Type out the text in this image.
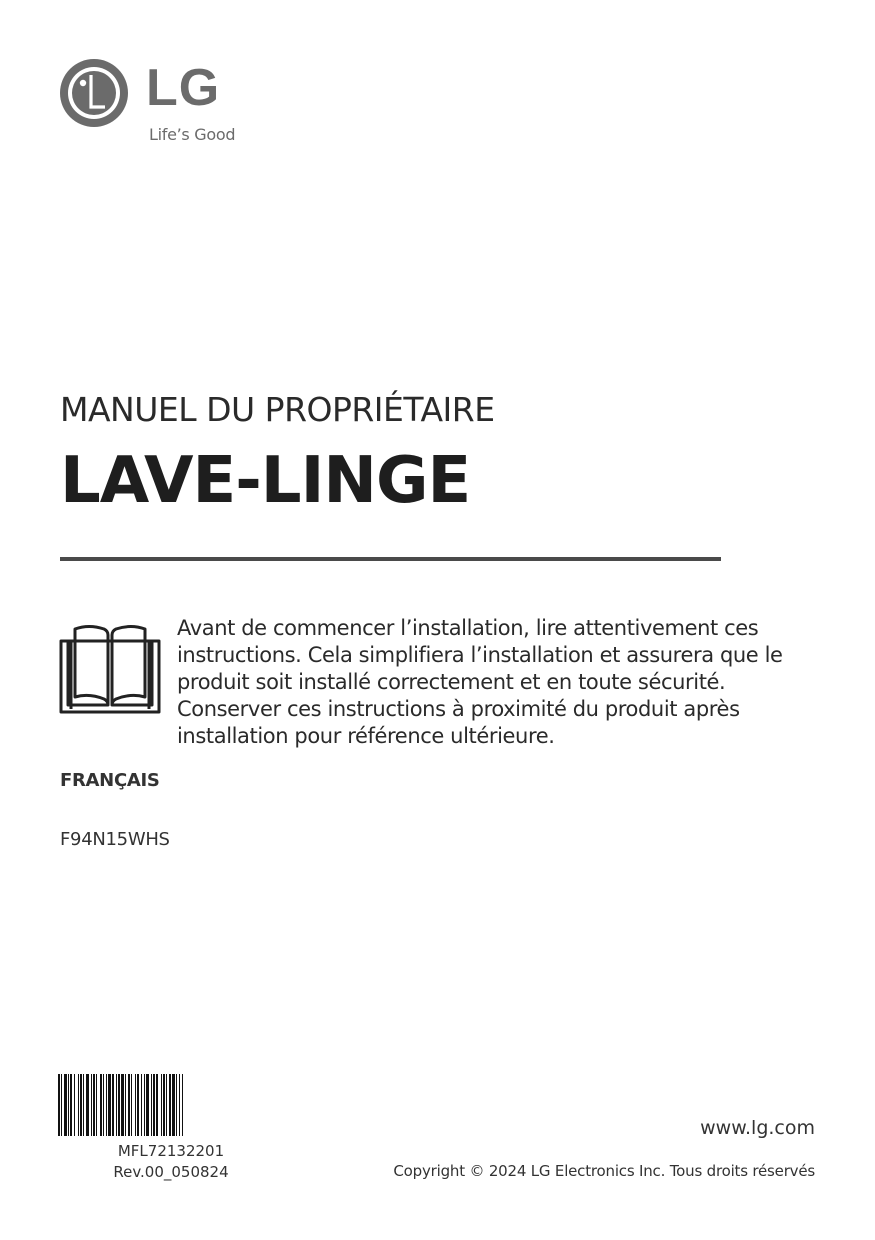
LG
Life’s Good
MANUEL DU PROPRIÉTAIRE
LAVE-LINGE
Avant de commencer l’installation, lire attentivement ces instructions. Cela simplifiera l’installation et assurera que le produit soit installé correctement et en toute sécurité. Conserver ces instructions à proximité du produit après installation pour référence ultérieure.
FRANÇAIS
F94N15WHS
MFL72132201
Rev.00_050824
www.lg.com
Copyright © 2024 LG Electronics Inc. Tous droits réservés
